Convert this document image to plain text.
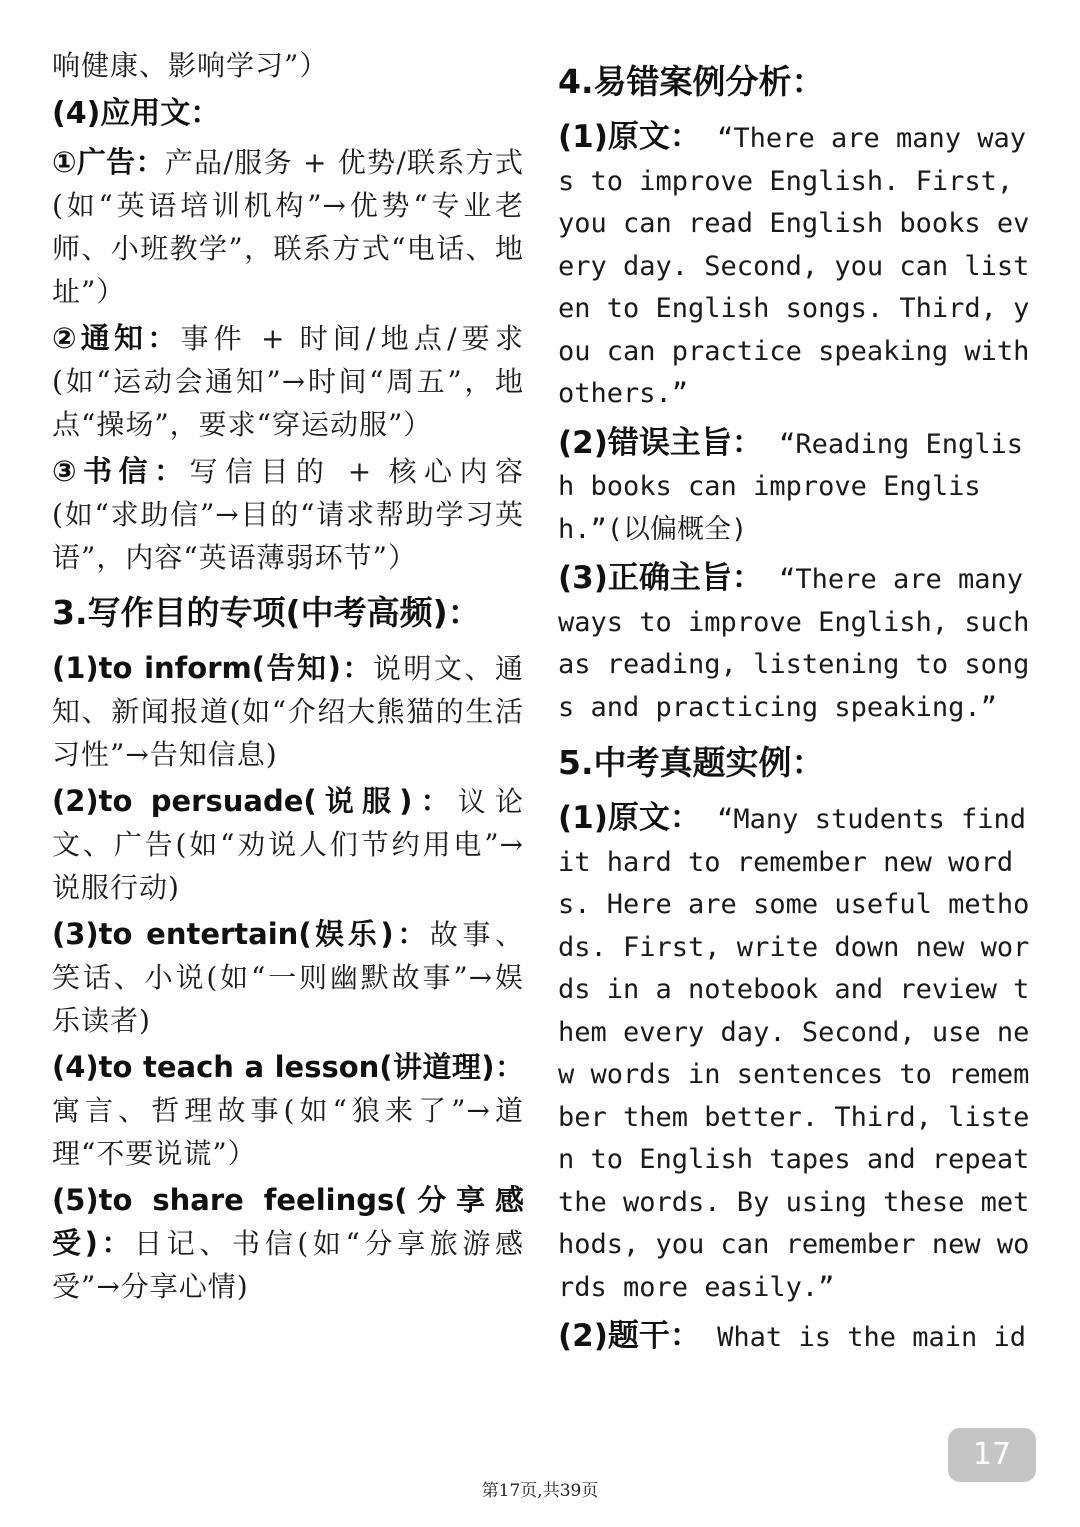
响健康、影响学习”）

(4)应用文：

①广告：产品/服务 + 优势/联系方式(如“英语培训机构”→优势“专业老师、小班教学”，联系方式“电话、地址”）

②通知：事件 + 时间/地点/要求(如“运动会通知”→时间“周五”，地点“操场”，要求“穿运动服”）

③书信：写信目的 + 核心内容(如“求助信”→目的“请求帮助学习英语”，内容“英语薄弱环节”）

3.写作目的专项(中考高频)：

(1)to inform(告知)：说明文、通知、新闻报道(如“介绍大熊猫的生活习性”→告知信息)

(2)to persuade(说服)：议论文、广告(如“劝说人们节约用电”→说服行动)

(3)to entertain(娱乐)：故事、笑话、小说(如“一则幽默故事”→娱乐读者)

(4)to teach a lesson(讲道理)：寓言、哲理故事(如“狼来了”→道理“不要说谎”）

(5)to share feelings(分享感受)：日记、书信(如“分享旅游感受”→分享心情)

4.易错案例分析：

(1)原文： “There are many ways to improve English. First, you can read English books every day. Second, you can listen to English songs. Third, you can practice speaking with others.”

(2)错误主旨： “Reading English books can improve English.”(以偏概全)

(3)正确主旨： “There are many ways to improve English, such as reading, listening to songs and practicing speaking.”

5.中考真题实例：

(1)原文： “Many students find it hard to remember new words. Here are some useful methods. First, write down new words in a notebook and review them every day. Second, use new words in sentences to remember them better. Third, listen to English tapes and repeat the words. By using these methods, you can remember new words more easily.”

(2)题干： What is the main id

17
第17页,共39页
